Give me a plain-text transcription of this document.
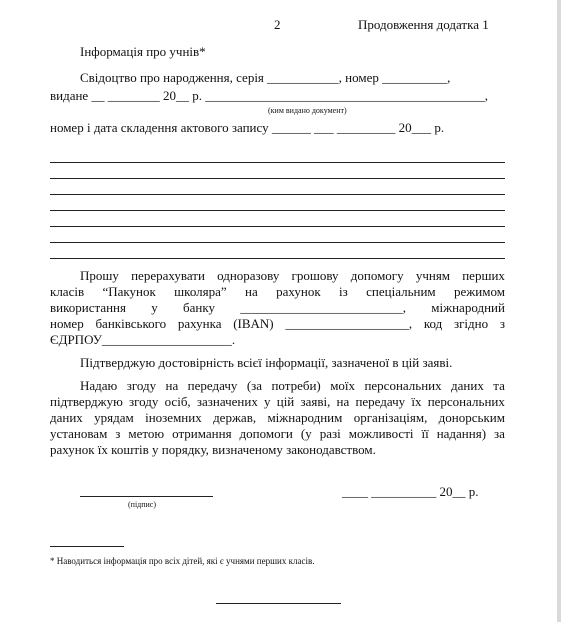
2	Продовження додатка 1
Інформація про учнів*
Свідоцтво про народження, серія ___________, номер __________,
видане __ ________ 20__ р. ___________________________________________,
(ким видано документ)
номер і дата складення актового запису ______ ___ _________ 20___ р.
Прошу перерахувати одноразову грошову допомогу учням перших
класів “Пакунок школяра” на рахунок із спеціальним режимом
використання у банку _________________________, міжнародний
номер банківського рахунка (IBAN) ___________________, код згідно з
ЄДРПОУ____________________.
Підтверджую достовірність всієї інформації, зазначеної в цій заяві.
Надаю згоду на передачу (за потреби) моїх персональних даних та
підтверджую згоду осіб, зазначених у цій заяві, на передачу їх персональних
даних урядам іноземних держав, міжнародним організаціям, донорським
установам з метою отримання допомоги (у разі можливості її надання) за
рахунок їх коштів у порядку, визначеному законодавством.
(підпис)
____ __________ 20__ р.
* Наводиться інформація про всіх дітей, які є учнями перших класів.
